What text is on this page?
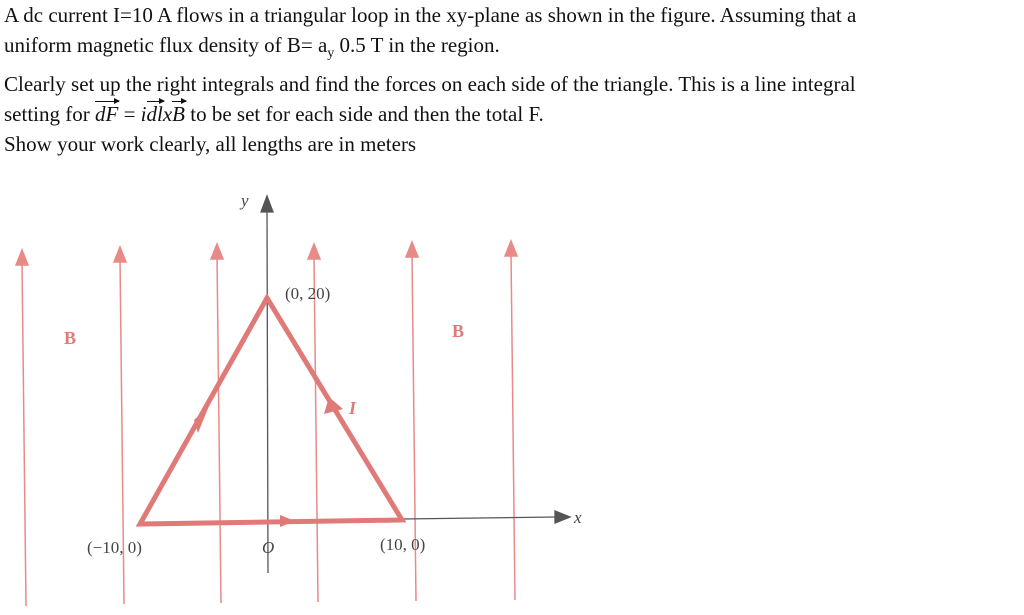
A dc current I=10 A flows in a triangular loop in the xy-plane as shown in the figure. Assuming that a

uniform magnetic flux density of $B= a_y$ 0.5 T in the region.

Clearly set up the right integrals and find the forces on each side of the triangle. This is a line integral

setting for dF = idlxB to be set for each side and then the total F.

Show your work clearly, all lengths are in meters

y
x
(0, 20)
(−10, 0)	O	(10, 0)
B	B
I
